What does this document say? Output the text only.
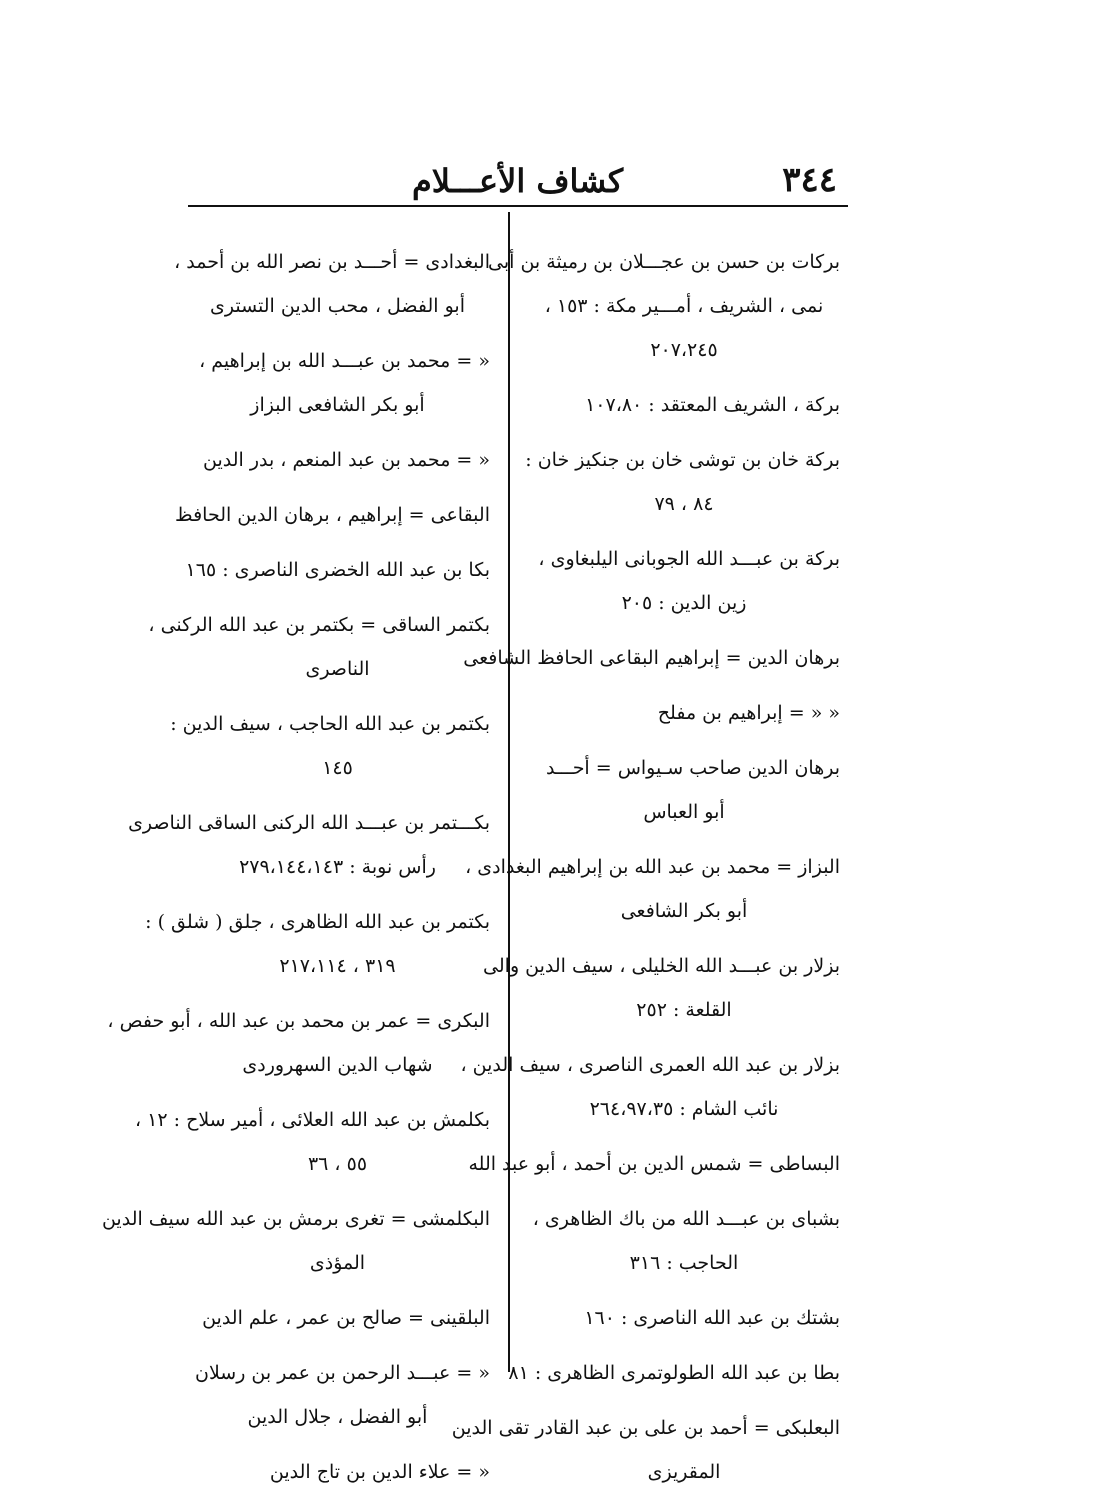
٣٤٤
كشاف الأعـــلام
بركات بن حسن بن عجـــلان بن رميثة بن أبى
نمى ، الشريف ، أمـــير مكة : ١٥٣ ،
٢٠٧،٢٤٥
بركة ، الشريف المعتقد : ١٠٧،٨٠
بركة خان بن توشى خان بن جنكيز خان :
٨٤ ، ٧٩
بركة بن عبـــد الله الجوبانى اليلبغاوى ،
زين الدين : ٢٠٥
برهان الدين = إبراهيم البقاعى الحافظ الشافعى
« « = إبراهيم بن مفلح
برهان الدين صاحب سـيواس = أحـــد
أبو العباس
البزاز = محمد بن عبد الله بن إبراهيم البغدادى ،
أبو بكر الشافعى
بزلار بن عبـــد الله الخليلى ، سيف الدين والى
القلعة : ٢٥٢
بزلار بن عبد الله العمرى الناصرى ، سيف الدين ،
نائب الشام : ٢٦٤،٩٧،٣٥
البساطى = شمس الدين بن أحمد ، أبو عبد الله
بشباى بن عبـــد الله من باك الظاهرى ،
الحاجب : ٣١٦
بشتك بن عبد الله الناصرى : ١٦٠
بطا بن عبد الله الطولوتمرى الظاهرى : ٨١
البعلبكى = أحمد بن على بن عبد القادر تقى الدين
المقريزى
البغدادى = أحـــد بن نصر الله بن أحمد ،
أبو الفضل ، محب الدين التسترى
« = محمد بن عبـــد الله بن إبراهيم ،
أبو بكر الشافعى البزاز
« = محمد بن عبد المنعم ، بدر الدين
البقاعى = إبراهيم ، برهان الدين الحافظ
بكا بن عبد الله الخضرى الناصرى : ١٦٥
بكتمر الساقى = بكتمر بن عبد الله الركنى ،
الناصرى
بكتمر بن عبد الله الحاجب ، سيف الدين :
١٤٥
بكـــتمر بن عبـــد الله الركنى الساقى الناصرى
رأس نوبة : ٢٧٩،١٤٤،١٤٣
بكتمر بن عبد الله الظاهرى ، جلق ( شلق ) :
٣١٩ ، ٢١٧،١١٤
البكرى = عمر بن محمد بن عبد الله ، أبو حفص ،
شهاب الدين السهروردى
بكلمش بن عبد الله العلائى ، أمير سلاح : ١٢ ،
٥٥ ، ٣٦
البكلمشى = تغرى برمش بن عبد الله سيف الدين
المؤذى
البلقينى = صالح بن عمر ، علم الدين
« = عبـــد الرحمن بن عمر بن رسلان
أبو الفضل ، جلال الدين
« = علاء الدين بن تاج الدين
